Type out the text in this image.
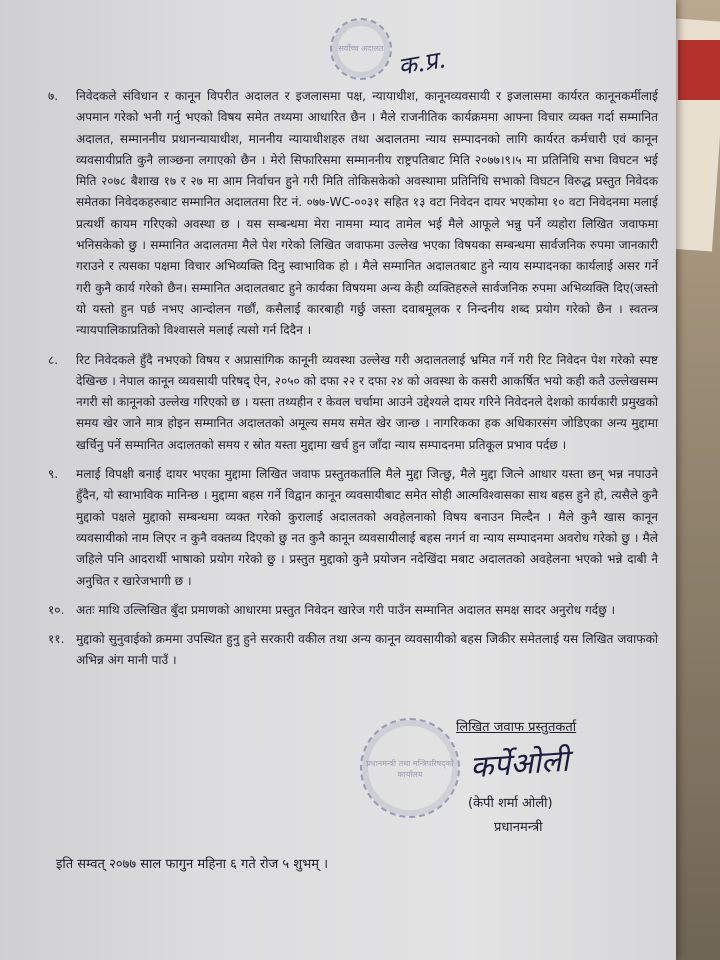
सर्वोच्च अदालत क.प्र.
७. निवेदकले संविधान र कानून विपरीत अदालत र इजलासमा पक्ष, न्यायाधीश, कानूनव्यवसायी र इजलासमा कार्यरत कानूनकर्मीलाई अपमान गरेको भनी गर्नु भएको विषय समेत तथ्यमा आधारित छैन । मैले राजनीतिक कार्यक्रममा आफ्ना विचार व्यक्त गर्दा सम्मानित अदालत, सम्माननीय प्रधानन्यायाधीश, माननीय न्यायाधीशहरु तथा अदालतमा न्याय सम्पादनको लागि कार्यरत कर्मचारी एवं कानून व्यवसायीप्रति कुनै लाञ्छना लगाएको छैन । मेरो सिफारिसमा सम्माननीय राष्ट्रपतिबाट मिति २०७७।९।५ मा प्रतिनिधि सभा विघटन भई मिति २०७८ बैशाख १७ र २७ मा आम निर्वाचन हुने गरी मिति तोकिसकेको अवस्थामा प्रतिनिधि सभाको विघटन विरुद्ध प्रस्तुत निवेदक समेतका निवेदकहरुबाट सम्मानित अदालतमा रिट नं. ०७७-WC-००३१ सहित १३ वटा निवेदन दायर भएकोमा १० वटा निवेदनमा मलाई प्रत्यर्थी कायम गरिएको अवस्था छ । यस सम्बन्धमा मेरा नाममा म्याद तामेल भई मैले आफूले भन्नु पर्ने व्यहोरा लिखित जवाफमा भनिसकेको छु । सम्मानित अदालतमा मैले पेश गरेको लिखित जवाफमा उल्लेख भएका विषयका सम्बन्धमा सार्वजनिक रुपमा जानकारी गराउने र त्यसका पक्षमा विचार अभिव्यक्ति दिनु स्वाभाविक हो । मैले सम्मानित अदालतबाट हुने न्याय सम्पादनका कार्यलाई असर गर्ने गरी कुनै कार्य गरेको छैन। सम्मानित अदालतबाट हुने कार्यका विषयमा अन्य केही व्यक्तिहरुले सार्वजनिक रुपमा अभिव्यक्ति दिए(जस्तो यो यस्तो हुन पर्छ नभए आन्दोलन गर्छौं, कसैलाई कारबाही गर्छु जस्ता दवाबमूलक र निन्दनीय शब्द प्रयोग गरेको छैन । स्वतन्त्र न्यायपालिकाप्रतिको विश्वासले मलाई त्यसो गर्न दिदैन ।
८. रिट निवेदकले हुँदै नभएको विषय र अप्रासांगिक कानूनी व्यवस्था उल्लेख गरी अदालतलाई भ्रमित गर्ने गरी रिट निवेदन पेश गरेको स्पष्ट देखिन्छ । नेपाल कानून व्यवसायी परिषद् ऐन, २०५० को दफा २२ र दफा २४ को अवस्था के कसरी आकर्षित भयो कही कतै उल्लेखसम्म नगरी सो कानूनको उल्लेख गरिएको छ । यस्ता तथ्यहीन र केवल चर्चामा आउने उद्देश्यले दायर गरिने निवेदनले देशको कार्यकारी प्रमुखको समय खेर जाने मात्र होइन सम्मानित अदालतको अमूल्य समय समेत खेर जान्छ । नागरिकका हक अधिकारसंग जोडिएका अन्य मुद्दामा खर्चिनु पर्ने सम्मानित अदालतको समय र स्रोत यस्ता मुद्दामा खर्च हुन जाँदा न्याय सम्पादनमा प्रतिकूल प्रभाव पर्दछ ।
९. मलाई विपक्षी बनाई दायर भएका मुद्दामा लिखित जवाफ प्रस्तुतकर्तालि मैले मुद्दा जित्छु, मैले मुद्दा जित्ने आधार यस्ता छन् भन्न नपाउने हुँदैन, यो स्वाभाविक मानिन्छ । मुद्दामा बहस गर्ने विद्वान कानून व्यवसायीबाट समेत सोही आत्मविश्वासका साथ बहस हुने हो, त्यसैले कुनै मुद्दाको पक्षले मुद्दाको सम्बन्धमा व्यक्त गरेको कुरालाई अदालतको अवहेलनाको विषय बनाउन मिल्दैन । मैले कुनै खास कानून व्यवसायीको नाम लिएर न कुनै वक्तव्य दिएको छु नत कुनै कानून व्यवसायीलाई बहस नगर्न वा न्याय सम्पादनमा अवरोध गरेको छु । मैले जहिले पनि आदरार्थी भाषाको प्रयोग गरेको छु । प्रस्तुत मुद्दाको कुनै प्रयोजन नदेखिंदा मबाट अदालतको अवहेलना भएको भन्ने दाबी नै अनुचित र खारेजभागी छ ।
१०. अतः माथि उल्लिखित बुँदा प्रमाणको आधारमा प्रस्तुत निवेदन खारेज गरी पाउँन सम्मानित अदालत समक्ष सादर अनुरोध गर्दछु ।
११. मुद्दाको सुनुवाईको क्रममा उपस्थित हुनु हुने सरकारी वकील तथा अन्य कानून व्यवसायीको बहस जिकीर समेतलाई यस लिखित जवाफको अभिन्न अंग मानी पाउँ ।
प्रधानमन्त्री तथा मन्त्रिपरिषद्को कार्यालय
लिखित जवाफ प्रस्तुतकर्ता
(केपी शर्मा ओली)
प्रधानमन्त्री
कर्पेओली
इति सम्वत् २०७७ साल फागुन महिना ६ गते रोज ५ शुभम् ।
